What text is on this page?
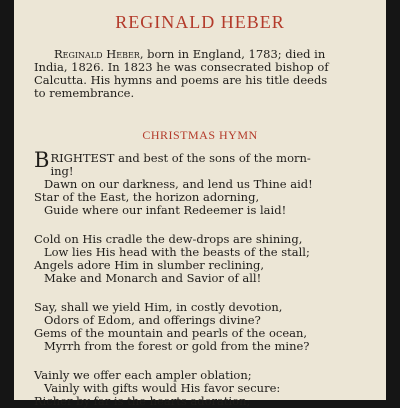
REGINALD HEBER
Reginald Heber, born in England, 1783; died in
India, 1826. In 1823 he was consecrated bishop of
Calcutta. His hymns and poems are his title deeds
to remembrance.
CHRISTMAS HYMN
B RIGHTEST and best of the sons of the morn-
ing!
Dawn on our darkness, and lend us Thine aid!
Star of the East, the horizon adorning,
Guide where our infant Redeemer is laid!
Cold on His cradle the dew-drops are shining,
Low lies His head with the beasts of the stall;
Angels adore Him in slumber reclining,
Make and Monarch and Savior of all!
Say, shall we yield Him, in costly devotion,
Odors of Edom, and offerings divine?
Gems of the mountain and pearls of the ocean,
Myrrh from the forest or gold from the mine?
Vainly we offer each ampler oblation;
Vainly with gifts would His favor secure:
Richer by far is the hearts adoration;
